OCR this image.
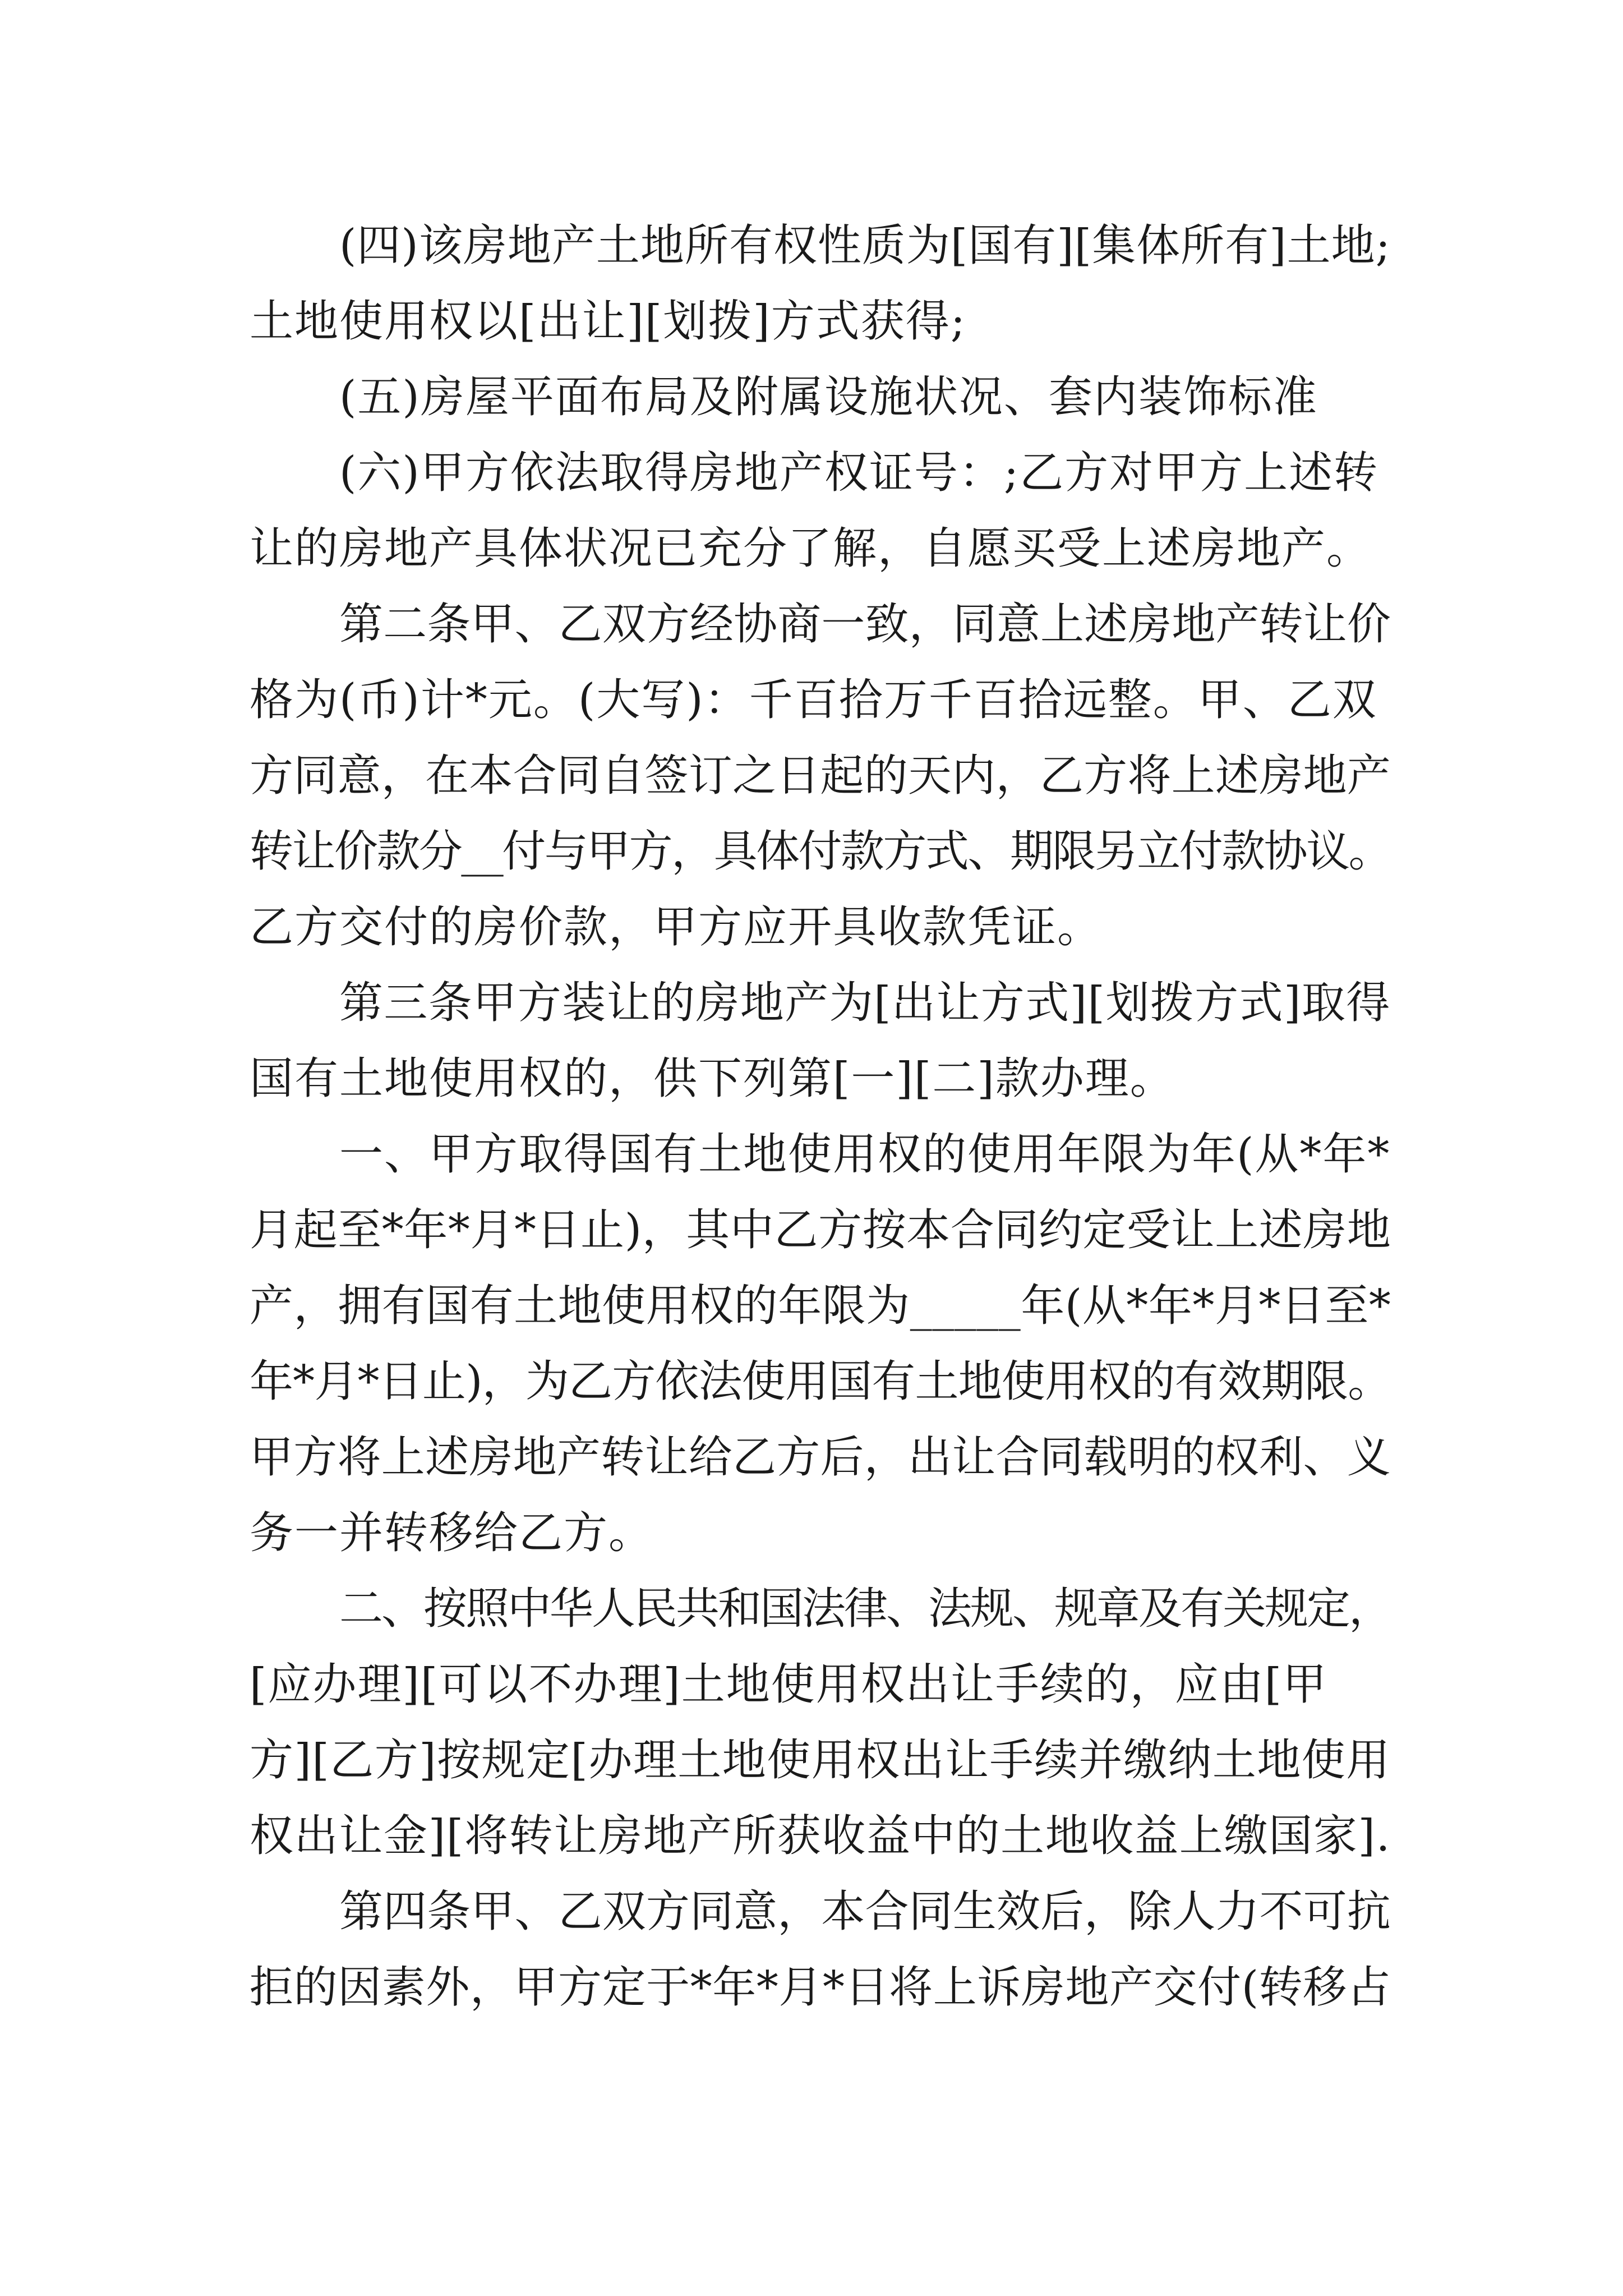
(四)该房地产土地所有权性质为[国有][集体所有]土地;
土地使用权以[出让][划拨]方式获得;
(五)房屋平面布局及附属设施状况、套内装饰标准
(六)甲方依法取得房地产权证号：;乙方对甲方上述转
让的房地产具体状况已充分了解，自愿买受上述房地产。
第二条甲、乙双方经协商一致，同意上述房地产转让价
格为(币)计*元。(大写)：千百拾万千百拾远整。甲、乙双
方同意，在本合同自签订之日起的天内，乙方将上述房地产
转让价款分__付与甲方，具体付款方式、期限另立付款协议。
乙方交付的房价款，甲方应开具收款凭证。
第三条甲方装让的房地产为[出让方式][划拨方式]取得
国有土地使用权的，供下列第[一][二]款办理。
一、甲方取得国有土地使用权的使用年限为年(从*年*
月起至*年*月*日止)，其中乙方按本合同约定受让上述房地
产，拥有国有土地使用权的年限为_____年(从*年*月*日至*
年*月*日止)，为乙方依法使用国有土地使用权的有效期限。
甲方将上述房地产转让给乙方后，出让合同载明的权利、义
务一并转移给乙方。
二、按照中华人民共和国法律、法规、规章及有关规定，
[应办理][可以不办理]土地使用权出让手续的，应由[甲
方][乙方]按规定[办理土地使用权出让手续并缴纳土地使用
权出让金][将转让房地产所获收益中的土地收益上缴国家].
第四条甲、乙双方同意，本合同生效后，除人力不可抗
拒的因素外，甲方定于*年*月*日将上诉房地产交付(转移占
